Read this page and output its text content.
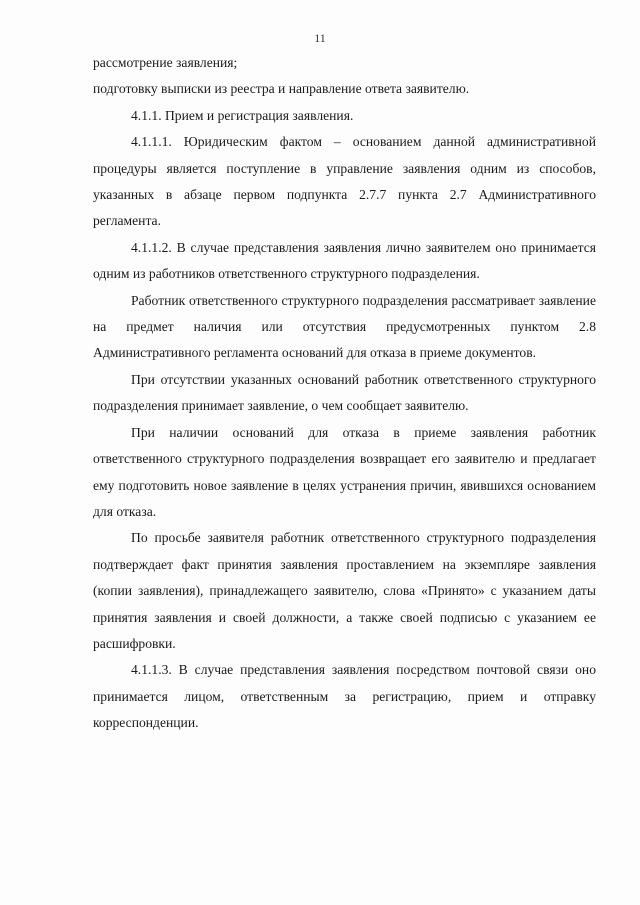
11

рассмотрение заявления;

подготовку выписки из реестра и направление ответа заявителю.

4.1.1. Прием и регистрация заявления.

4.1.1.1. Юридическим фактом – основанием данной административной процедуры является поступление в управление заявления одним из способов, указанных в абзаце первом подпункта 2.7.7 пункта 2.7 Административного регламента.

4.1.1.2. В случае представления заявления лично заявителем оно принимается одним из работников ответственного структурного подразделения.

Работник ответственного структурного подразделения рассматривает заявление на предмет наличия или отсутствия предусмотренных пунктом 2.8 Административного регламента оснований для отказа в приеме документов.

При отсутствии указанных оснований работник ответственного структурного подразделения принимает заявление, о чем сообщает заявителю.

При наличии оснований для отказа в приеме заявления работник ответственного структурного подразделения возвращает его заявителю и предлагает ему подготовить новое заявление в целях устранения причин, явившихся основанием для отказа.

По просьбе заявителя работник ответственного структурного подразделения подтверждает факт принятия заявления проставлением на экземпляре заявления (копии заявления), принадлежащего заявителю, слова «Принято» с указанием даты принятия заявления и своей должности, а также своей подписью с указанием ее расшифровки.

4.1.1.3. В случае представления заявления посредством почтовой связи оно принимается лицом, ответственным за регистрацию, прием и отправку корреспонденции.
